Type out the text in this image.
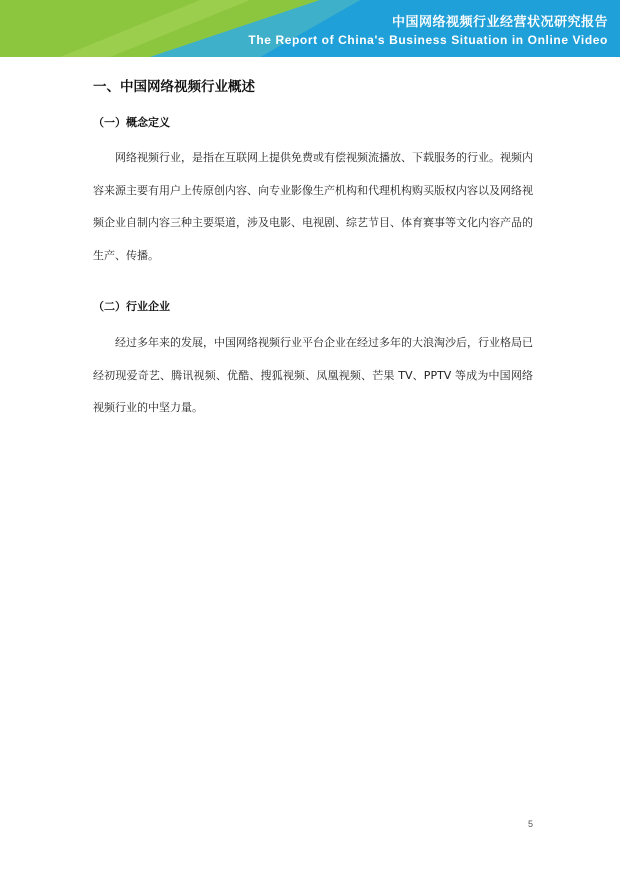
中国网络视频行业经营状况研究报告
The Report of China's Business Situation in Online Video
一、中国网络视频行业概述
（一）概念定义

网络视频行业，是指在互联网上提供免费或有偿视频流播放、下载服务的行业。视频内容来源主要有用户上传原创内容、向专业影像生产机构和代理机构购买版权内容以及网络视频企业自制内容三种主要渠道，涉及电影、电视剧、综艺节目、体育赛事等文化内容产品的生产、传播。

（二）行业企业

经过多年来的发展，中国网络视频行业平台企业在经过多年的大浪淘沙后，行业格局已经初现爱奇艺、腾讯视频、优酷、搜狐视频、凤凰视频、芒果 TV、PPTV 等成为中国网络视频行业的中坚力量。

5
